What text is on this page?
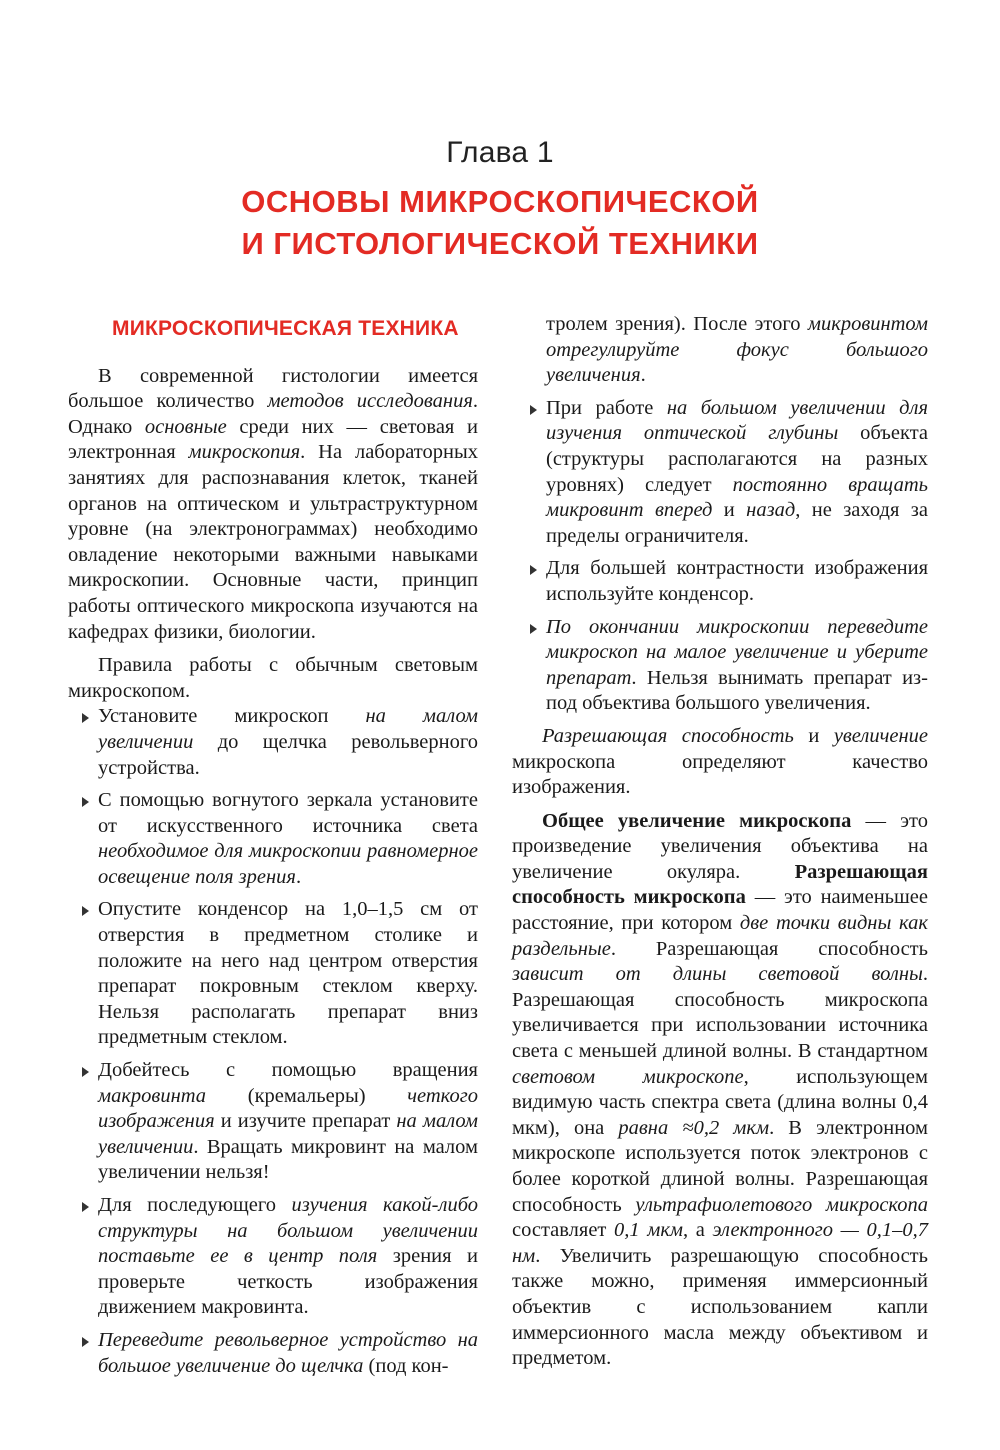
Глава 1
ОСНОВЫ МИКРОСКОПИЧЕСКОЙ
И ГИСТОЛОГИЧЕСКОЙ ТЕХНИКИ
МИКРОСКОПИЧЕСКАЯ ТЕХНИКА

В современной гистологии имеется большое количество методов исследования. Однако основные среди них — световая и электронная микроскопия. На лабораторных занятиях для распознавания клеток, тканей органов на оптическом и ультраструктурном уровне (на электронограммах) необходимо овладение некоторыми важными навыками микроскопии. Основные части, принцип работы оптического микроскопа изучаются на кафедрах физики, биологии.

Правила работы с обычным световым микроскопом.

Установите микроскоп на малом увеличении до щелчка револьверного устройства.
С помощью вогнутого зеркала установите от искусственного источника света необходимое для микроскопии равномерное освещение поля зрения.
Опустите конденсор на 1,0–1,5 см от отверстия в предметном столике и положите на него над центром отверстия препарат покровным стеклом кверху. Нельзя располагать препарат вниз предметным стеклом.
Добейтесь с помощью вращения макровинта (кремальеры) четкого изображения и изучите препарат на малом увеличении. Вращать микровинт на малом увеличении нельзя!
Для последующего изучения какой-либо структуры на большом увеличении поставьте ее в центр поля зрения и проверьте четкость изображения движением макровинта.
Переведите револьверное устройство на большое увеличение до щелчка (под кон-

тролем зрения). После этого микровинтом отрегулируйте фокус большого увеличения.

При работе на большом увеличении для изучения оптической глубины объекта (структуры располагаются на разных уровнях) следует постоянно вращать микровинт вперед и назад, не заходя за пределы ограничителя.
Для большей контрастности изображения используйте конденсор.
По окончании микроскопии переведите микроскоп на малое увеличение и уберите препарат. Нельзя вынимать препарат из-под объектива большого увеличения.

Разрешающая способность и увеличение микроскопа определяют качество изображения.

Общее увеличение микроскопа — это произведение увеличения объектива на увеличение окуляра. Разрешающая способность микроскопа — это наименьшее расстояние, при котором две точки видны как раздельные. Разрешающая способность зависит от длины световой волны. Разрешающая способность микроскопа увеличивается при использовании источника света с меньшей длиной волны. В стандартном световом микроскопе, использующем видимую часть спектра света (длина волны 0,4 мкм), она равна ≈0,2 мкм. В электронном микроскопе используется поток электронов с более короткой длиной волны. Разрешающая способность ультрафиолетового микроскопа составляет 0,1 мкм, а электронного — 0,1–0,7 нм. Увеличить разрешающую способность также можно, применяя иммерсионный объектив с использованием капли иммерсионного масла между объективом и предметом.
